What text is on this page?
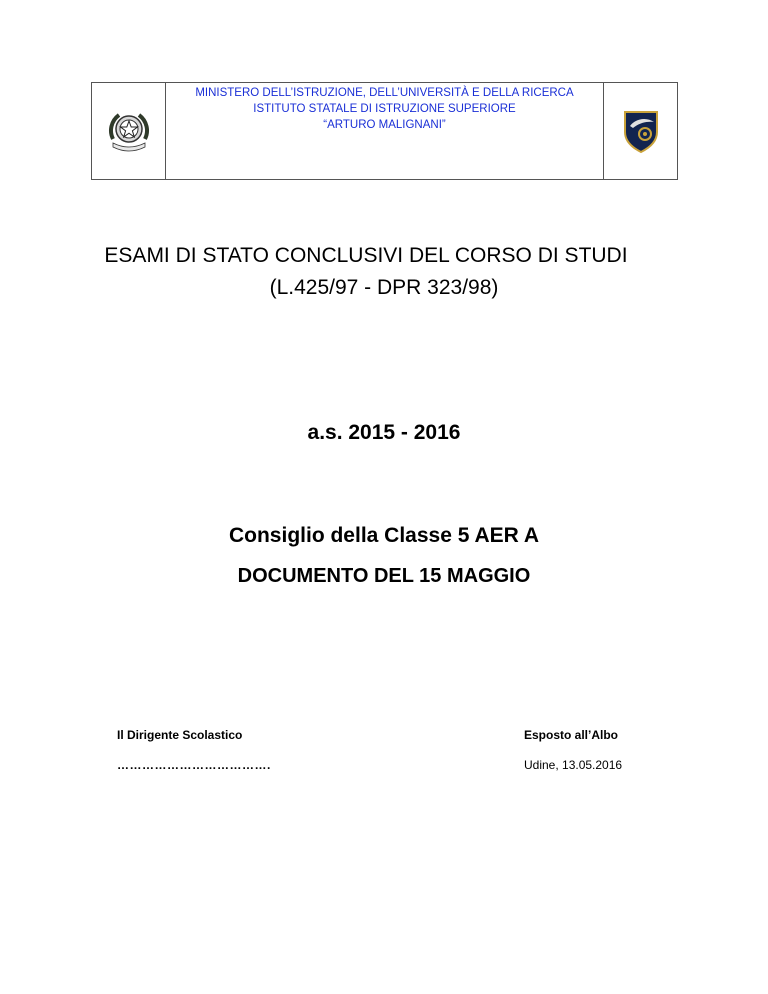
MINISTERO DELL’ISTRUZIONE, DELL’UNIVERSITÀ E DELLA RICERCA
ISTITUTO STATALE DI ISTRUZIONE SUPERIORE
“ARTURO MALIGNANI”
ESAMI DI STATO CONCLUSIVI DEL CORSO DI STUDI
(L.425/97 - DPR 323/98)
a.s. 2015 - 2016
Consiglio della Classe 5 AER A
DOCUMENTO DEL 15 MAGGIO
Il Dirigente Scolastico
……………………………….
Esposto all’Albo
Udine, 13.05.2016
